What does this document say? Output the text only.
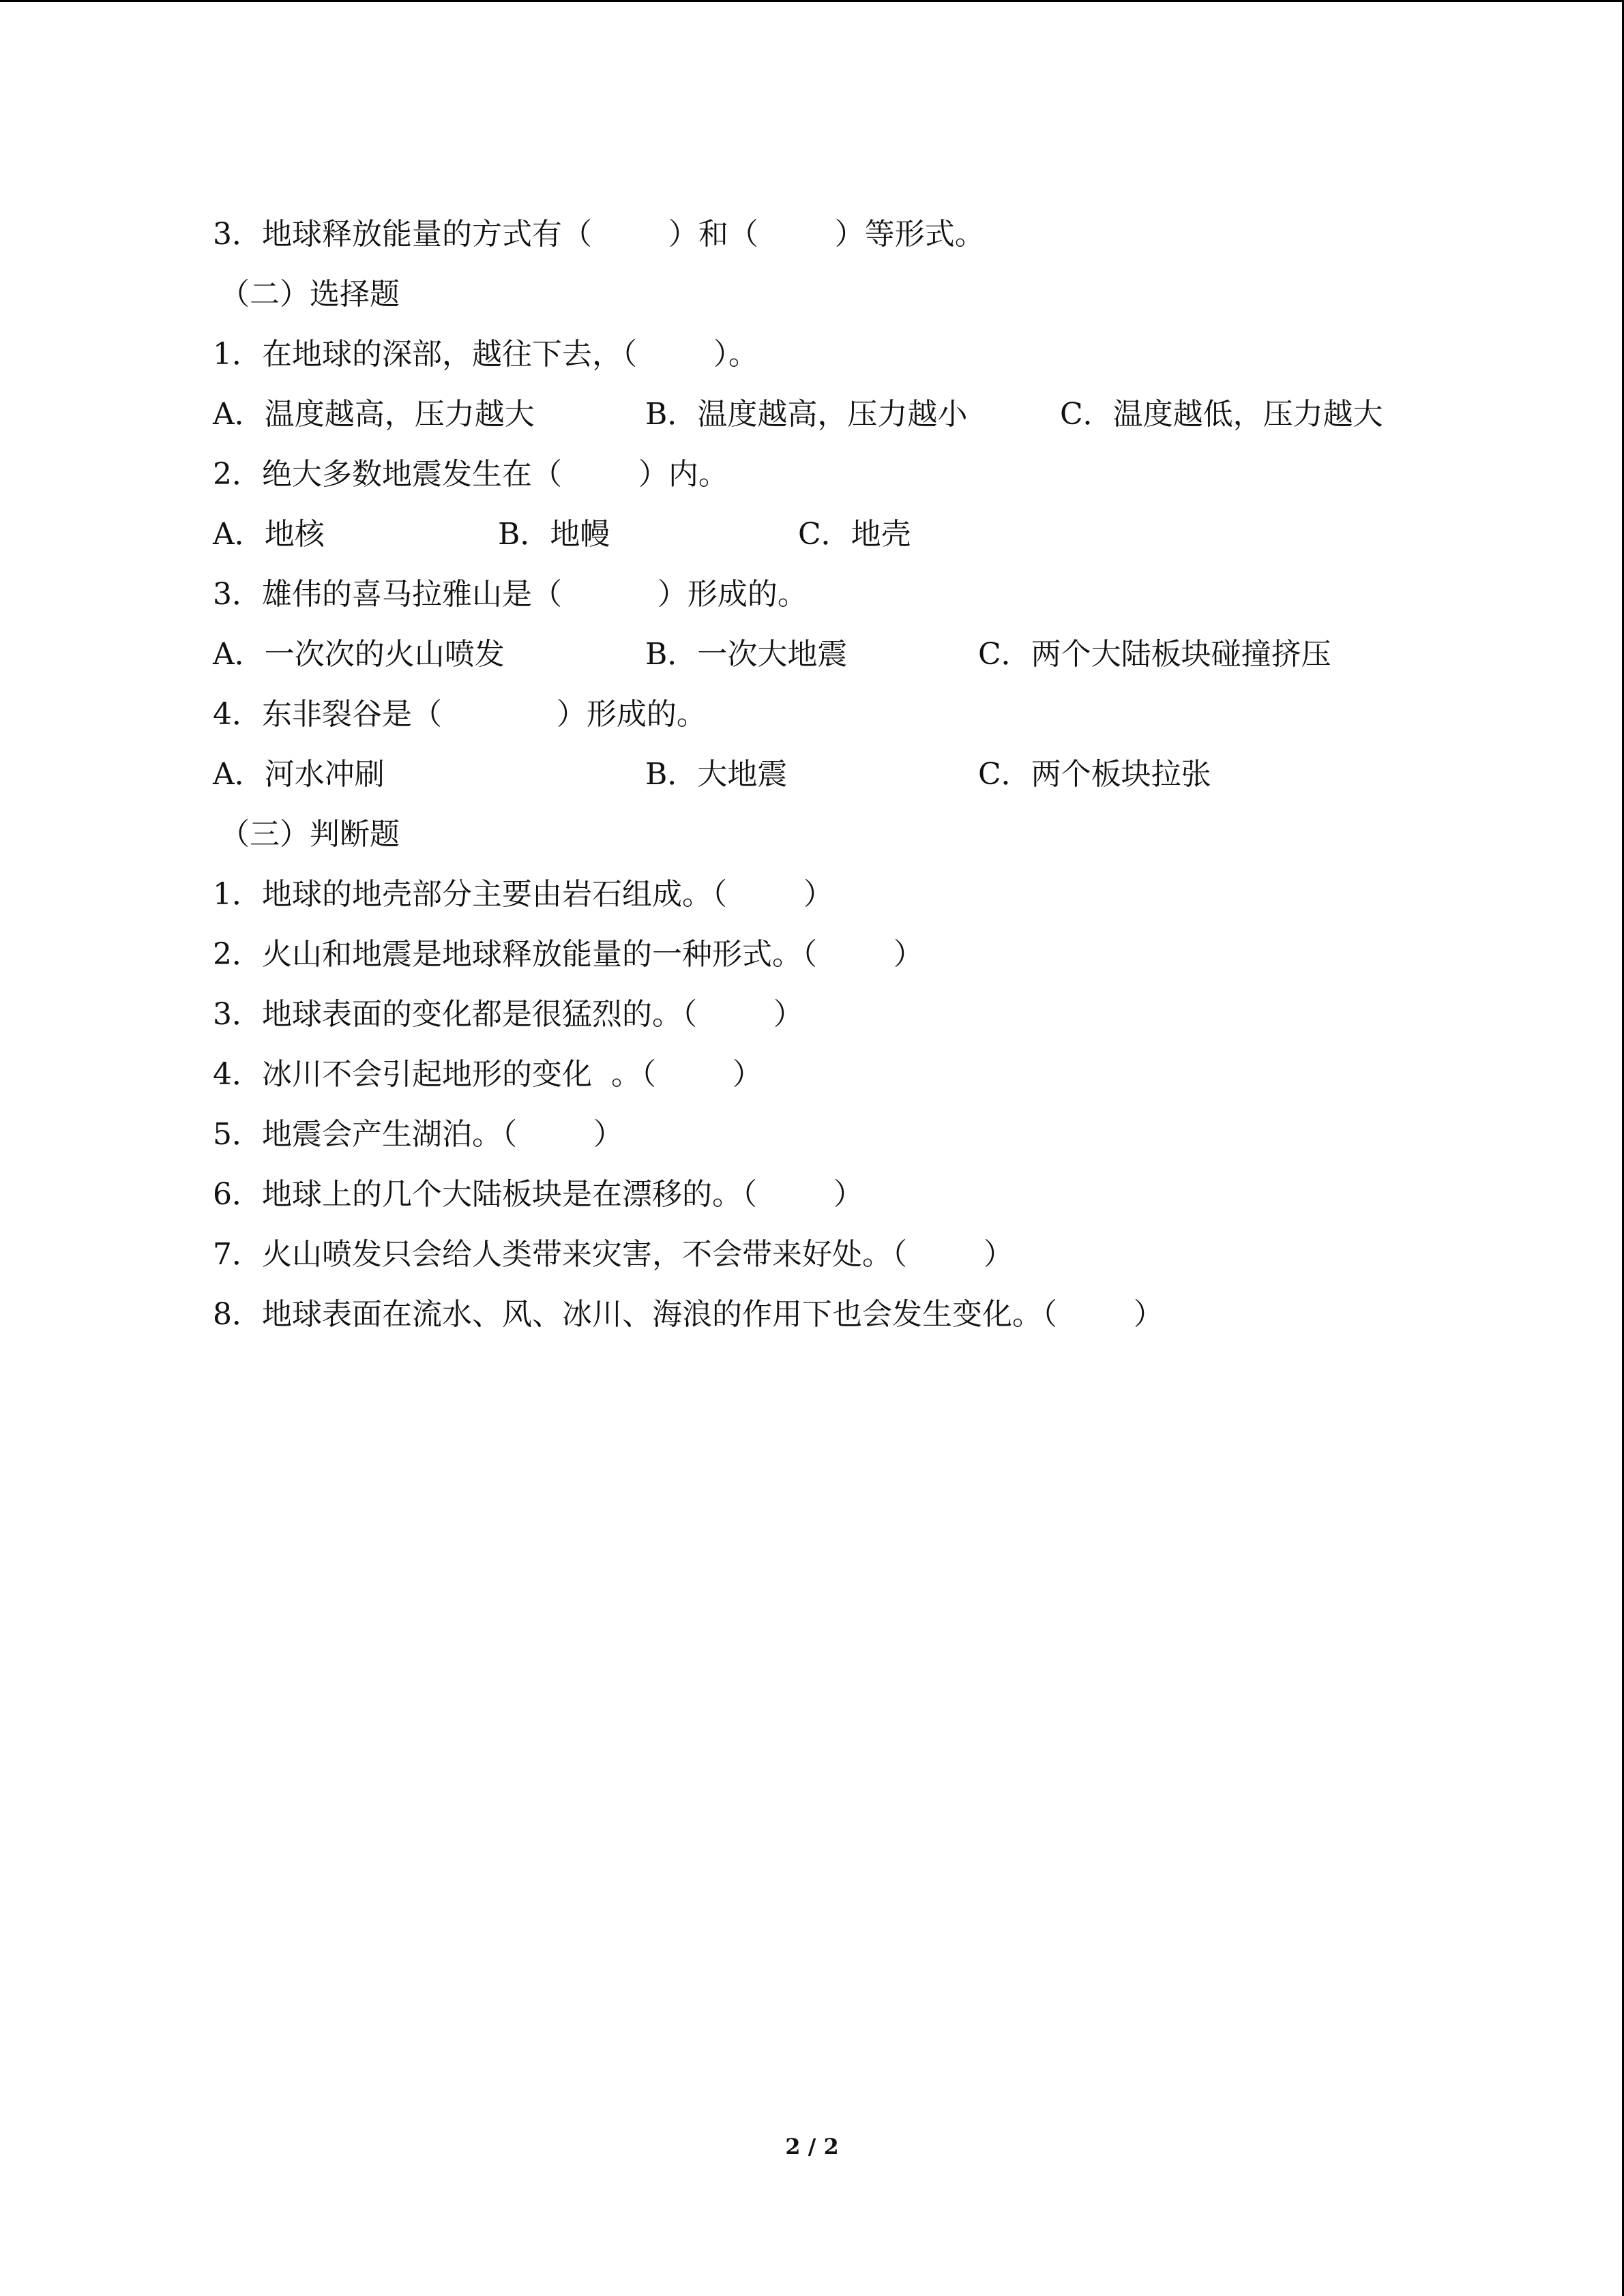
3．地球释放能量的方式有（        ）和（        ）等形式。
（二）选择题
1．在地球的深部，越往下去，（        ）。
A．温度越高，压力越大	B．温度越高，压力越小	C．温度越低，压力越大
2．绝大多数地震发生在（        ）内。
A．地核	B．地幔	C．地壳
3．雄伟的喜马拉雅山是（          ）形成的。
A．一次次的火山喷发	B．一次大地震	C．两个大陆板块碰撞挤压
4．东非裂谷是（            ）形成的。
A．河水冲刷	B．大地震	C．两个板块拉张
（三）判断题
1．地球的地壳部分主要由岩石组成。（        ）
2．火山和地震是地球释放能量的一种形式。（        ）
3．地球表面的变化都是很猛烈的。（        ）
4．冰川不会引起地形的变化  。（        ）
5．地震会产生湖泊。（        ）
6．地球上的几个大陆板块是在漂移的。（        ）
7．火山喷发只会给人类带来灾害，不会带来好处。（        ）
8．地球表面在流水、风、冰川、海浪的作用下也会发生变化。（        ）
2 / 2
